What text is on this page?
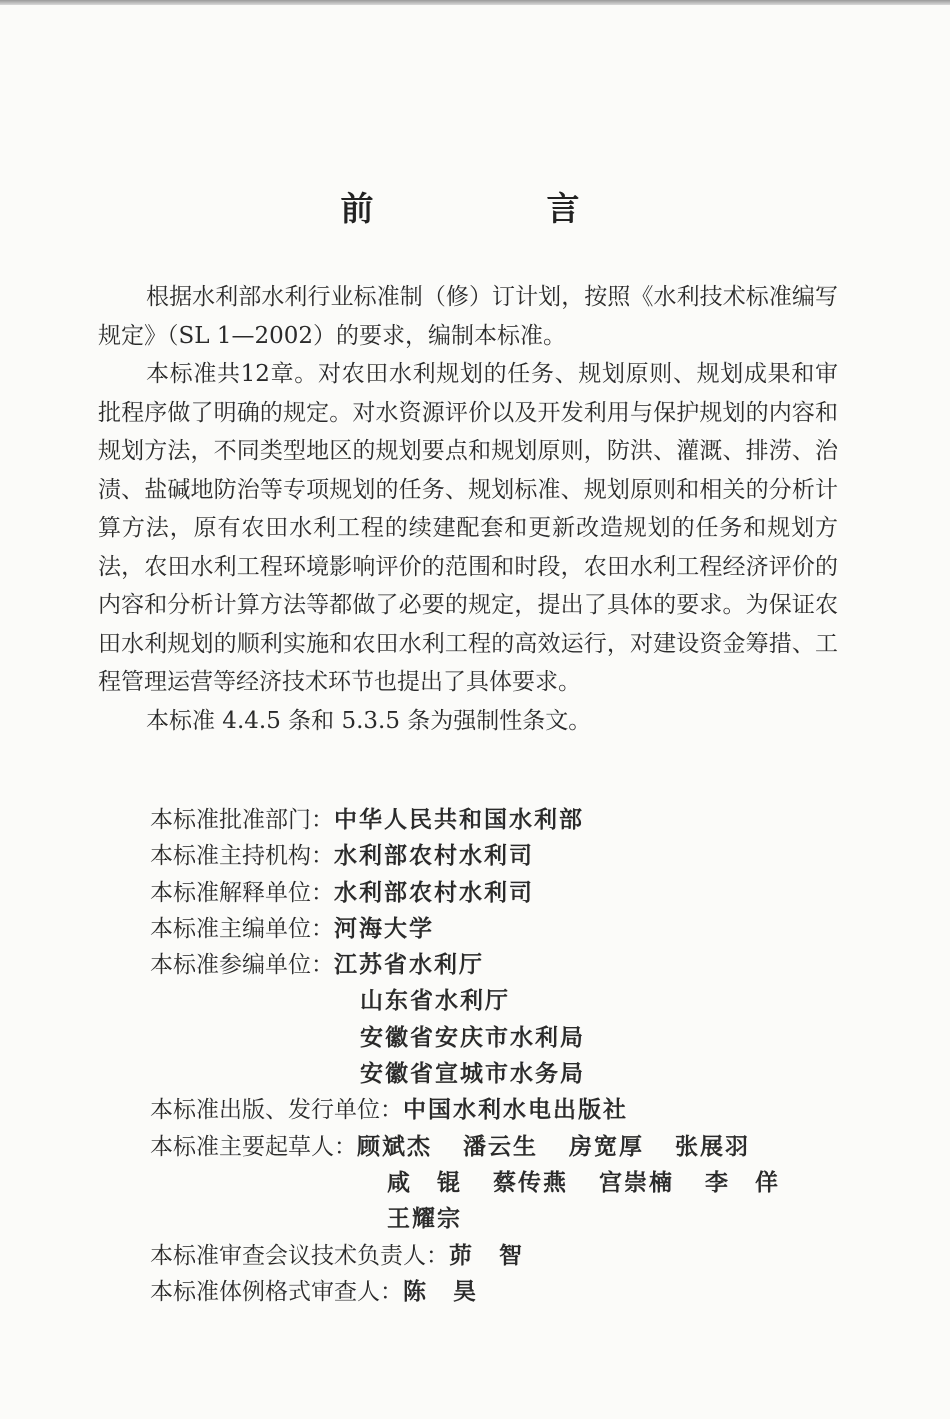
前　言

根据水利部水利行业标准制（修）订计划，按照《水利技术标准编写规定》（SL 1—2002）的要求，编制本标准。

本标准共12章。对农田水利规划的任务、规划原则、规划成果和审批程序做了明确的规定。对水资源评价以及开发利用与保护规划的内容和规划方法，不同类型地区的规划要点和规划原则，防洪、灌溉、排涝、治渍、盐碱地防治等专项规划的任务、规划标准、规划原则和相关的分析计算方法，原有农田水利工程的续建配套和更新改造规划的任务和规划方法，农田水利工程环境影响评价的范围和时段，农田水利工程经济评价的内容和分析计算方法等都做了必要的规定，提出了具体的要求。为保证农田水利规划的顺利实施和农田水利工程的高效运行，对建设资金筹措、工程管理运营等经济技术环节也提出了具体要求。

本标准 4.4.5 条和 5.3.5 条为强制性条文。

本标准批准部门： 中华人民共和国水利部
本标准主持机构： 水利部农村水利司
本标准解释单位： 水利部农村水利司
本标准主编单位： 河海大学
本标准参编单位： 江苏省水利厅
山东省水利厅
安徽省安庆市水利局
安徽省宣城市水务局
本标准出版、发行单位： 中国水利水电出版社
本标准主要起草人： 顾斌杰	潘云生	房宽厚	张展羽
咸　锟	蔡传燕	宫崇楠	李　佯
王耀宗
本标准审查会议技术负责人： 茆　智
本标准体例格式审查人： 陈　昊
